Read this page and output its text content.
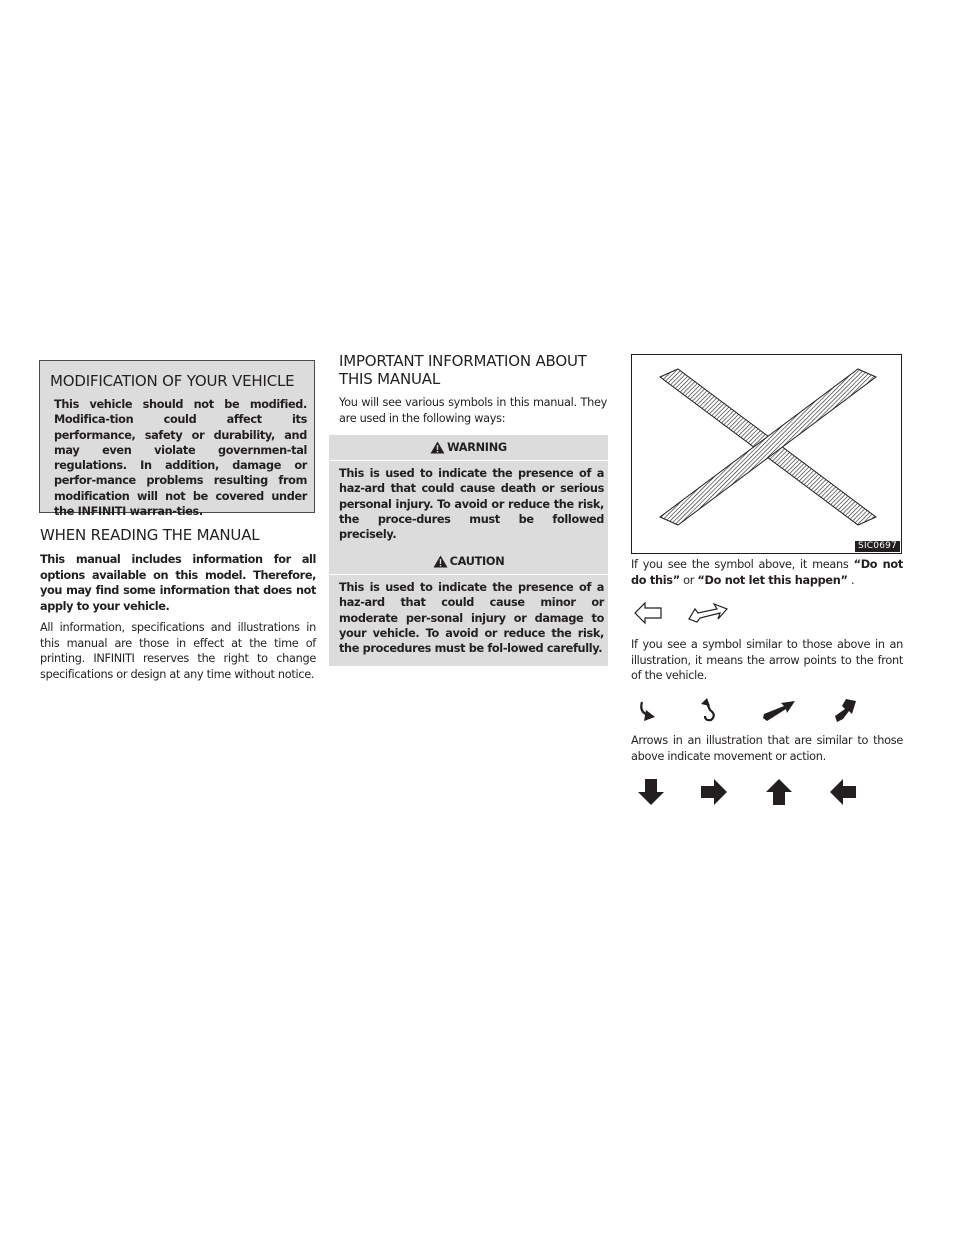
MODIFICATION OF YOUR VEHICLE

This vehicle should not be modified. Modifica-tion could affect its performance, safety or durability, and may even violate governmen-tal regulations. In addition, damage or perfor-mance problems resulting from modification will not be covered under the INFINITI warran-ties.

WHEN READING THE MANUAL

This manual includes information for all options available on this model. Therefore, you may find some information that does not apply to your vehicle.

All information, specifications and illustrations in this manual are those in effect at the time of printing. INFINITI reserves the right to change specifications or design at any time without notice.

IMPORTANT INFORMATION ABOUT
THIS MANUAL

You will see various symbols in this manual. They are used in the following ways:

WARNING
This is used to indicate the presence of a haz-ard that could cause death or serious personal injury. To avoid or reduce the risk, the proce-dures must be followed precisely.
CAUTION
This is used to indicate the presence of a haz-ard that could cause minor or moderate per-sonal injury or damage to your vehicle. To avoid or reduce the risk, the procedures must be fol-lowed carefully.
SIC0697

If you see the symbol above, it means “Do not do this” or “Do not let this happen” .

If you see a symbol similar to those above in an illustration, it means the arrow points to the front of the vehicle.

Arrows in an illustration that are similar to those above indicate movement or action.
